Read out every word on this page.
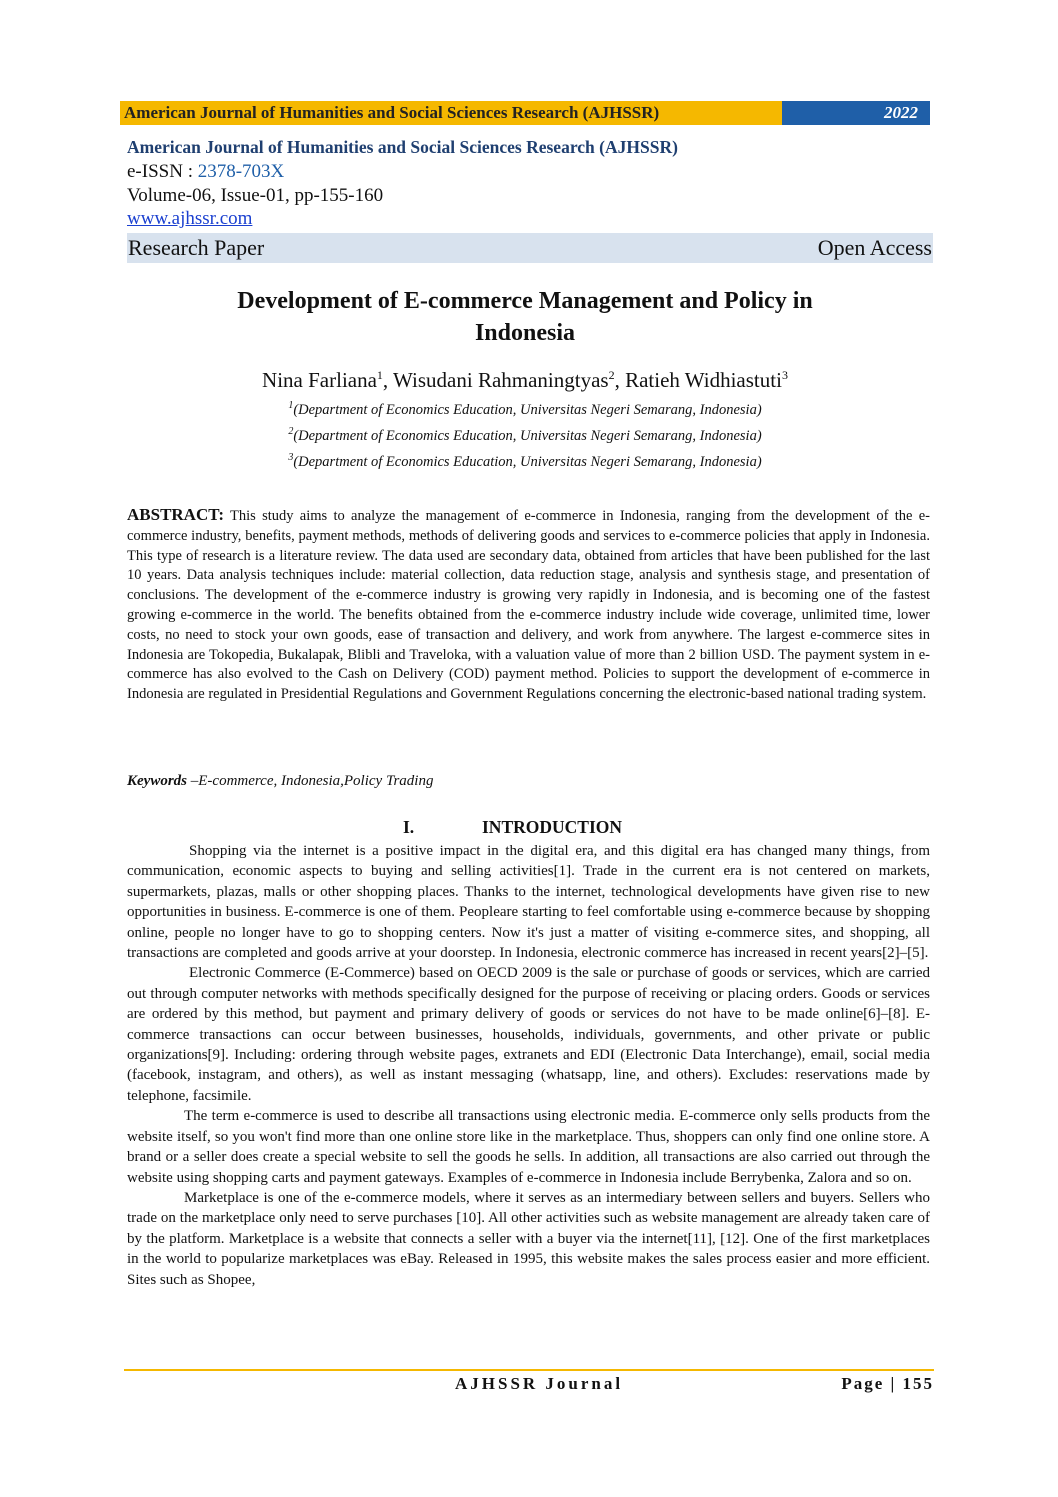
American Journal of Humanities and Social Sciences Research (AJHSSR)	2022
American Journal of Humanities and Social Sciences Research (AJHSSR)
e-ISSN : 2378-703X
Volume-06, Issue-01, pp-155-160
www.ajhssr.com
Research Paper	Open Access
Development of E-commerce Management and Policy in
Indonesia
Nina Farliana$^1$, Wisudani Rahmaningtyas$^2$, Ratieh Widhiastuti$^3$
$^1$(Department of Economics Education, Universitas Negeri Semarang, Indonesia)
$^2$(Department of Economics Education, Universitas Negeri Semarang, Indonesia)
$^3$(Department of Economics Education, Universitas Negeri Semarang, Indonesia)
ABSTRACT: This study aims to analyze the management of e-commerce in Indonesia, ranging from the development of the e-commerce industry, benefits, payment methods, methods of delivering goods and services to e-commerce policies that apply in Indonesia. This type of research is a literature review. The data used are secondary data, obtained from articles that have been published for the last 10 years. Data analysis techniques include: material collection, data reduction stage, analysis and synthesis stage, and presentation of conclusions. The development of the e-commerce industry is growing very rapidly in Indonesia, and is becoming one of the fastest growing e-commerce in the world. The benefits obtained from the e-commerce industry include wide coverage, unlimited time, lower costs, no need to stock your own goods, ease of transaction and delivery, and work from anywhere. The largest e-commerce sites in Indonesia are Tokopedia, Bukalapak, Blibli and Traveloka, with a valuation value of more than 2 billion USD. The payment system in e-commerce has also evolved to the Cash on Delivery (COD) payment method. Policies to support the development of e-commerce in Indonesia are regulated in Presidential Regulations and Government Regulations concerning the electronic-based national trading system.
Keywords –E-commerce, Indonesia,Policy Trading
I.	INTRODUCTION

Shopping via the internet is a positive impact in the digital era, and this digital era has changed many things, from communication, economic aspects to buying and selling activities[1]. Trade in the current era is not centered on markets, supermarkets, plazas, malls or other shopping places. Thanks to the internet, technological developments have given rise to new opportunities in business. E-commerce is one of them. Peopleare starting to feel comfortable using e-commerce because by shopping online, people no longer have to go to shopping centers. Now it's just a matter of visiting e-commerce sites, and shopping, all transactions are completed and goods arrive at your doorstep. In Indonesia, electronic commerce has increased in recent years[2]–[5].

Electronic Commerce (E-Commerce) based on OECD 2009 is the sale or purchase of goods or services, which are carried out through computer networks with methods specifically designed for the purpose of receiving or placing orders. Goods or services are ordered by this method, but payment and primary delivery of goods or services do not have to be made online[6]–[8]. E-commerce transactions can occur between businesses, households, individuals, governments, and other private or public organizations[9]. Including: ordering through website pages, extranets and EDI (Electronic Data Interchange), email, social media (facebook, instagram, and others), as well as instant messaging (whatsapp, line, and others). Excludes: reservations made by telephone, facsimile.

The term e-commerce is used to describe all transactions using electronic media. E-commerce only sells products from the website itself, so you won't find more than one online store like in the marketplace. Thus, shoppers can only find one online store. A brand or a seller does create a special website to sell the goods he sells. In addition, all transactions are also carried out through the website using shopping carts and payment gateways. Examples of e-commerce in Indonesia include Berrybenka, Zalora and so on.

Marketplace is one of the e-commerce models, where it serves as an intermediary between sellers and buyers. Sellers who trade on the marketplace only need to serve purchases [10]. All other activities such as website management are already taken care of by the platform. Marketplace is a website that connects a seller with a buyer via the internet[11], [12]. One of the first marketplaces in the world to popularize marketplaces was eBay. Released in 1995, this website makes the sales process easier and more efficient. Sites such as Shopee,

AJHSSR Journal	Page | 155
